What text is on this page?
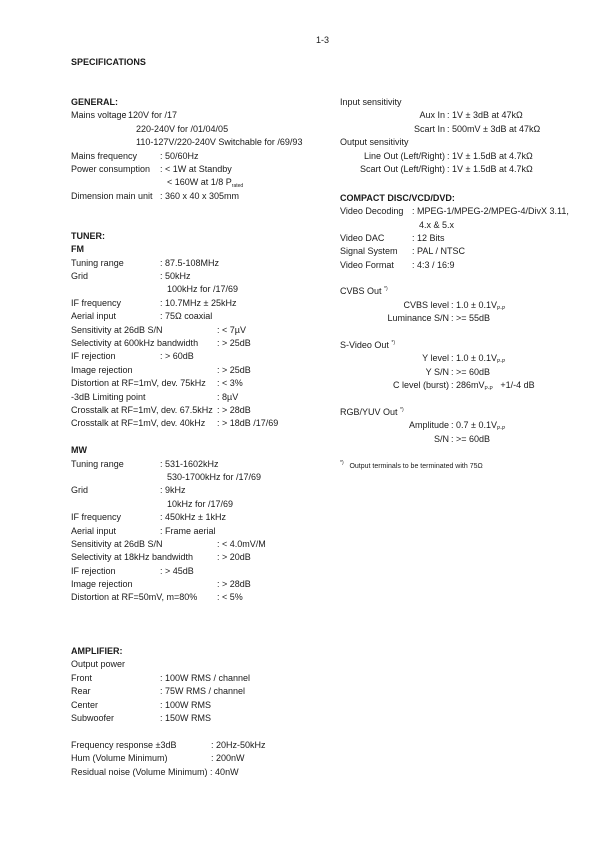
1-3
SPECIFICATIONS
GENERAL:
Mains voltage
: 120V for /17
220-240V for /01/04/05
110-127V/220-240V Switchable for /69/93
Mains frequency	: 50/60Hz
Power consumption : < 1W at Standby
< 160W at 1/8 $P_{rated}$
Dimension main unit : 360 x 40 x 305mm
TUNER:
FM
Tuning range	: 87.5-108MHz
Grid	: 50kHz
100kHz for /17/69
IF frequency	: 10.7MHz ± 25kHz
Aerial input	: 75Ω coaxial
Sensitivity at 26dB S/N	: < 7µV
Selectivity at 600kHz bandwidth : > 25dB
IF rejection	: > 60dB
Image rejection	: > 25dB
Distortion at RF=1mV, dev. 75kHz : < 3%
-3dB Limiting point	: 8µV
Crosstalk at RF=1mV, dev. 67.5kHz : > 28dB
Crosstalk at RF=1mV, dev. 40kHz : > 18dB /17/69
MW
Tuning range	: 531-1602kHz
530-1700kHz for /17/69
Grid	: 9kHz
10kHz for /17/69
IF frequency	: 450kHz ± 1kHz
Aerial input	: Frame aerial
Sensitivity at 26dB S/N	: < 4.0mV/M
Selectivity at 18kHz bandwidth	: > 20dB
IF rejection	: > 45dB
Image rejection	: > 28dB
Distortion at RF=50mV, m=80% : < 5%
AMPLIFIER:
Output power
Front	: 100W RMS / channel
Rear	: 75W RMS / channel
Center	: 100W RMS
Subwoofer	: 150W RMS
Frequency response ±3dB	: 20Hz-50kHz
Hum (Volume Minimum)	: 200nW
Residual noise (Volume Minimum) : 40nW
Input sensitivity
Aux In : 1V ± 3dB at 47kΩ
Scart In : 500mV ± 3dB at 47kΩ
Output sensitivity
Line Out (Left/Right) : 1V ± 1.5dB at 4.7kΩ
Scart Out (Left/Right) : 1V ± 1.5dB at 4.7kΩ
COMPACT DISC/VCD/DVD:
Video Decoding : MPEG-1/MPEG-2/MPEG-4/DivX 3.11,
4.x & 5.x
Video DAC	: 12 Bits
Signal System : PAL / NTSC
Video Format : 4:3 / 16:9
CVBS Out *)
CVBS level : $1.0 \pm 0.1V_{P-P}$
Luminance S/N : >= 55dB
S-Video Out *)
Y level : $1.0 \pm 0.1V_{P-P}$
Y S/N : >= 60dB
C level (burst) : $286mV_{P-P} +1/-4$ dB
RGB/YUV Out *)
Amplitude : $0.7 \pm 0.1V_{P-P}$
S/N : >= 60dB
*) Output terminals to be terminated with 75Ω
